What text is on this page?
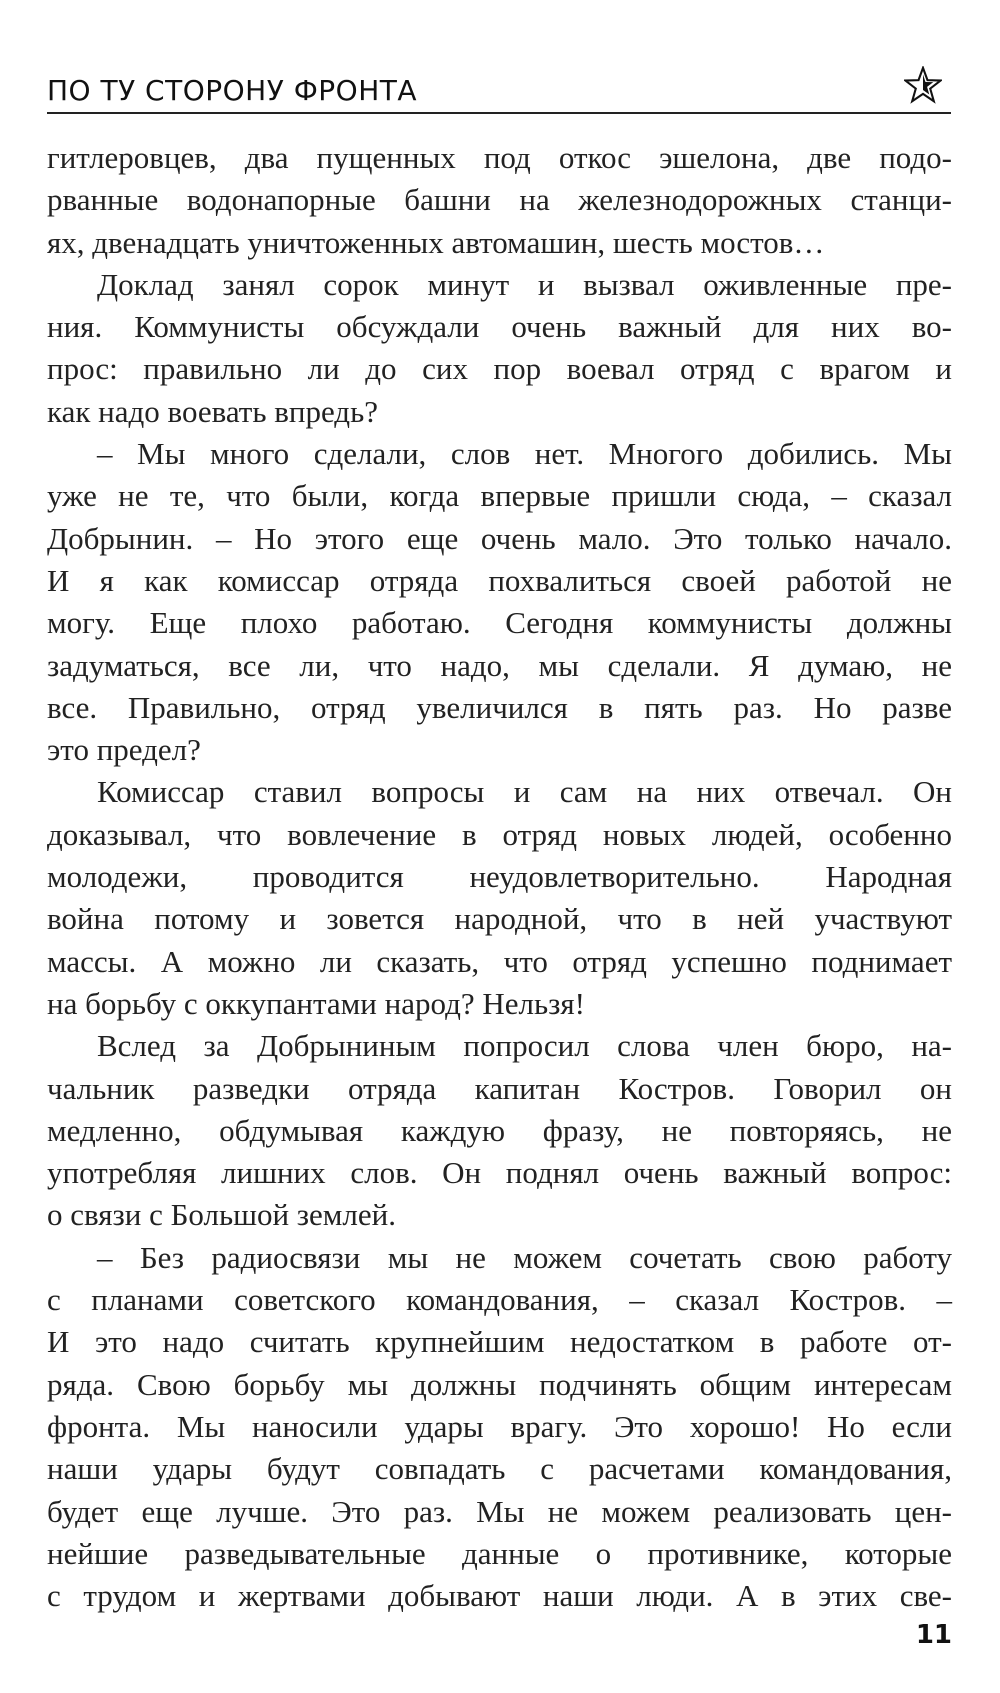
ПО ТУ СТОРОНУ ФРОНТА
гитлеровцев, два пущенных под откос эшелона, две подо-
рванные водонапорные башни на железнодорожных станци-
ях, двенадцать уничтоженных автомашин, шесть мостов…
Доклад занял сорок минут и вызвал оживленные пре-
ния. Коммунисты обсуждали очень важный для них во-
прос: правильно ли до сих пор воевал отряд с врагом и
как надо воевать впредь?
– Мы много сделали, слов нет. Многого добились. Мы
уже не те, что были, когда впервые пришли сюда, – сказал
Добрынин. – Но этого еще очень мало. Это только начало.
И я как комиссар отряда похвалиться своей работой не
могу. Еще плохо работаю. Сегодня коммунисты должны
задуматься, все ли, что надо, мы сделали. Я думаю, не
все. Правильно, отряд увеличился в пять раз. Но разве
это предел?
Комиссар ставил вопросы и сам на них отвечал. Он
доказывал, что вовлечение в отряд новых людей, особенно
молодежи, проводится неудовлетворительно. Народная
война потому и зовется народной, что в ней участвуют
массы. А можно ли сказать, что отряд успешно поднимает
на борьбу с оккупантами народ? Нельзя!
Вслед за Добрыниным попросил слова член бюро, на-
чальник разведки отряда капитан Костров. Говорил он
медленно, обдумывая каждую фразу, не повторяясь, не
употребляя лишних слов. Он поднял очень важный вопрос:
о связи с Большой землей.
– Без радиосвязи мы не можем сочетать свою работу
с планами советского командования, – сказал Костров. –
И это надо считать крупнейшим недостатком в работе от-
ряда. Свою борьбу мы должны подчинять общим интересам
фронта. Мы наносили удары врагу. Это хорошо! Но если
наши удары будут совпадать с расчетами командования,
будет еще лучше. Это раз. Мы не можем реализовать цен-
нейшие разведывательные данные о противнике, которые
с трудом и жертвами добывают наши люди. А в этих све-
11
